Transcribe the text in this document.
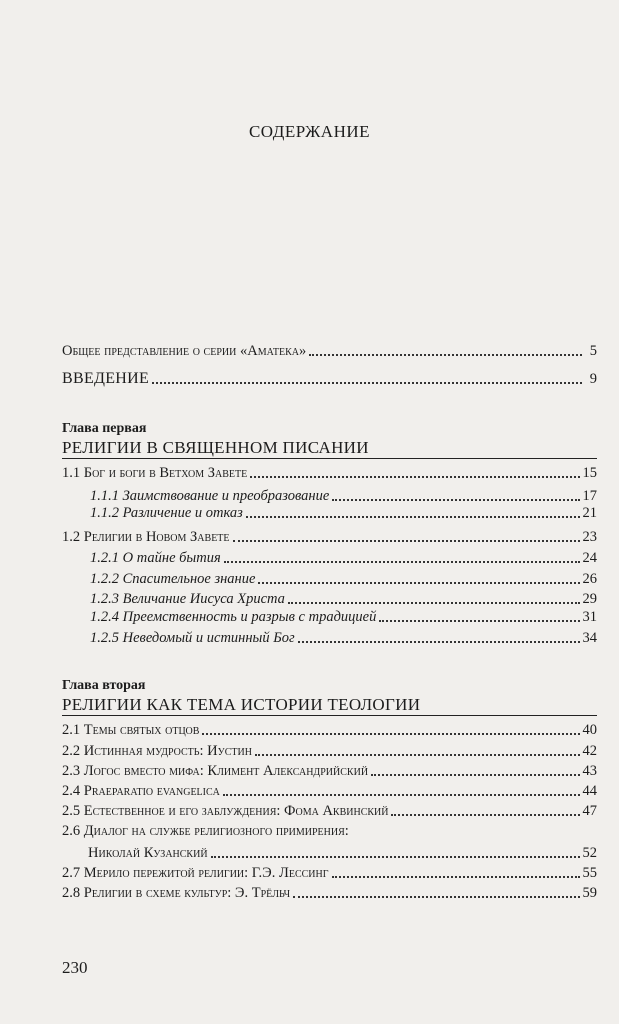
СОДЕРЖАНИЕ
Общее представление о серии «Аматека»	5
ВВЕДЕНИЕ	9
Глава первая
РЕЛИГИИ В СВЯЩЕННОМ ПИСАНИИ
1.1 Бог и боги в Ветхом Завете	15
1.1.1 Заимствование и преобразование	17
1.1.2 Различение и отказ	21
1.2 Религии в Новом Завете	23
1.2.1 О тайне бытия	24
1.2.2 Спасительное знание	26
1.2.3 Величание Иисуса Христа	29
1.2.4 Преемственность и разрыв с традицией	31
1.2.5 Неведомый и истинный Бог	34
Глава вторая
РЕЛИГИИ КАК ТЕМА ИСТОРИИ ТЕОЛОГИИ
2.1 Темы святых отцов	40
2.2 Истинная мудрость: Иустин	42
2.3 Логос вместо мифа: Климент Александрийский	43
2.4 Praeparatio evangelica	44
2.5 Естественное и его заблуждения: Фома Аквинский	47
2.6 Диалог на службе религиозного примирения:
Николай Кузанский	52
2.7 Мерило пережитой религии: Г.Э. Лессинг	55
2.8 Религии в схеме культур: Э. Трёльч	59
230
